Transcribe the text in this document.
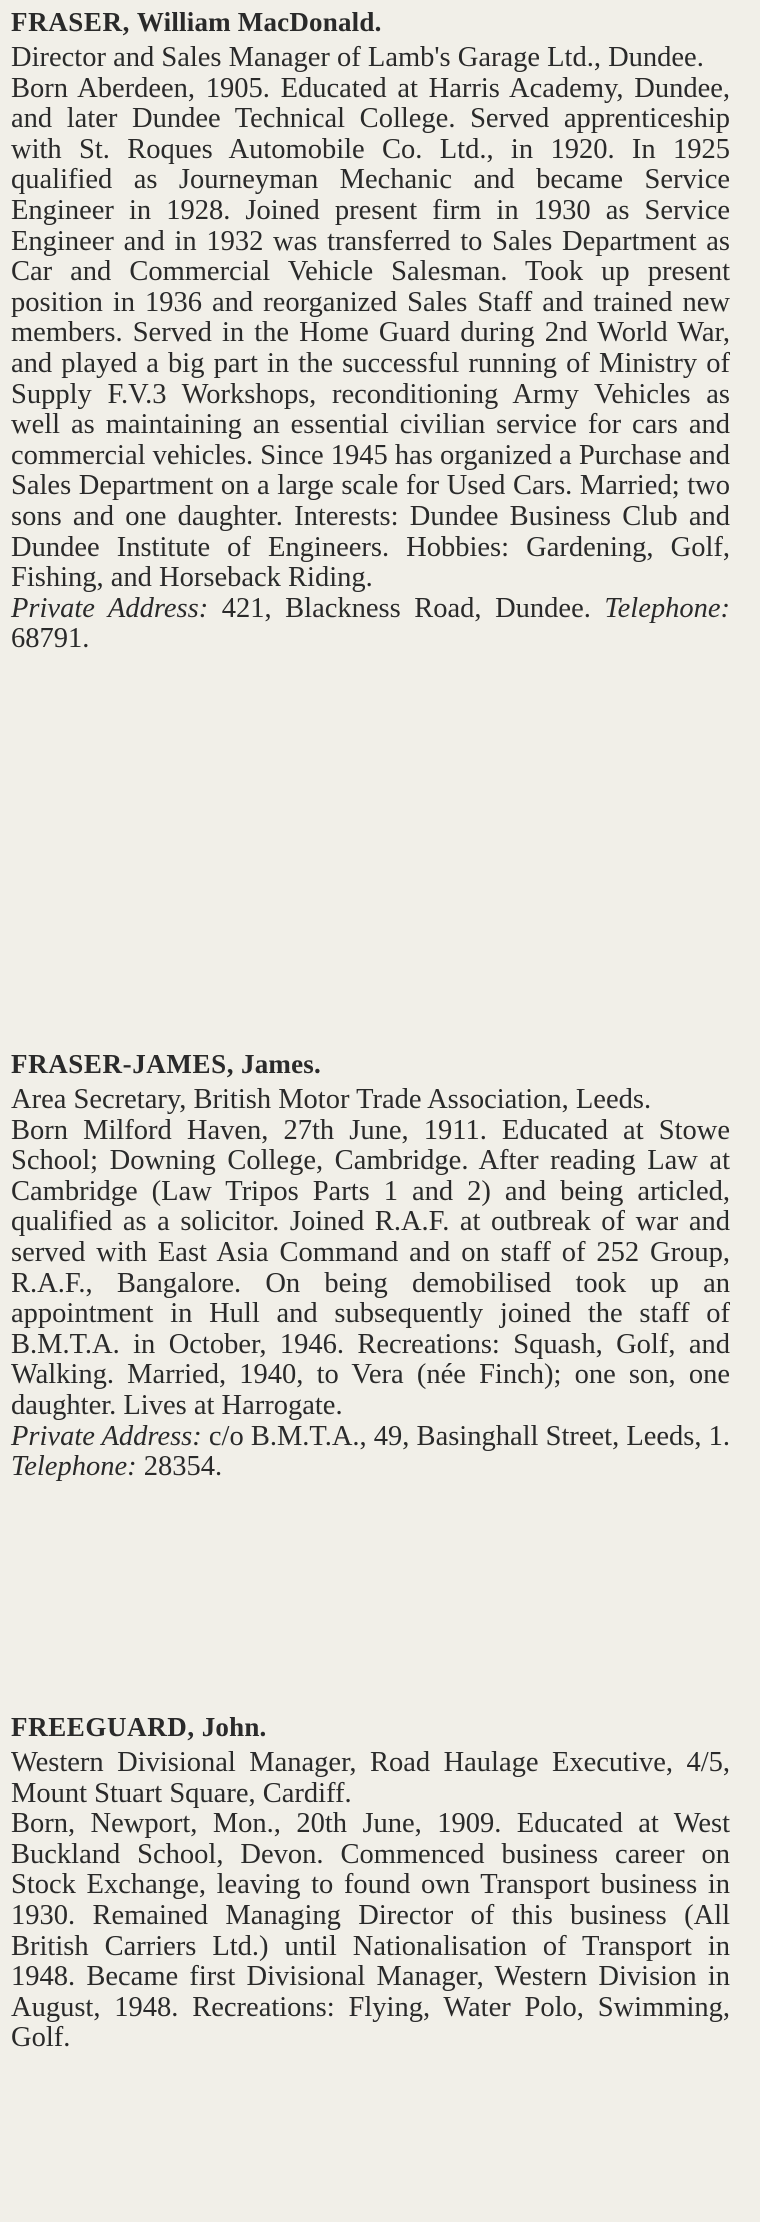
FRASER, William MacDonald.

Director and Sales Manager of Lamb's Garage Ltd., Dundee.

Born Aberdeen, 1905. Educated at Harris Academy, Dundee, and later Dundee Technical College. Served apprenticeship with St. Roques Automobile Co. Ltd., in 1920. In 1925 qualified as Journeyman Mechanic and became Service Engineer in 1928. Joined present firm in 1930 as Service Engineer and in 1932 was transferred to Sales Department as Car and Commercial Vehicle Salesman. Took up present position in 1936 and reorganized Sales Staff and trained new members. Served in the Home Guard during 2nd World War, and played a big part in the successful running of Ministry of Supply F.V.3 Workshops, reconditioning Army Vehicles as well as maintaining an essential civilian service for cars and commercial vehicles. Since 1945 has organized a Purchase and Sales Department on a large scale for Used Cars. Married; two sons and one daughter. Interests: Dundee Business Club and Dundee Institute of Engineers. Hobbies: Gardening, Golf, Fishing, and Horseback Riding.

Private Address: 421, Blackness Road, Dundee. Telephone: 68791.

FRASER-JAMES, James.

Area Secretary, British Motor Trade Association, Leeds.

Born Milford Haven, 27th June, 1911. Educated at Stowe School; Downing College, Cambridge. After reading Law at Cambridge (Law Tripos Parts 1 and 2) and being articled, qualified as a solicitor. Joined R.A.F. at outbreak of war and served with East Asia Command and on staff of 252 Group, R.A.F., Bangalore. On being demobilised took up an appointment in Hull and subsequently joined the staff of B.M.T.A. in October, 1946. Recreations: Squash, Golf, and Walking. Married, 1940, to Vera (née Finch); one son, one daughter. Lives at Harrogate.

Private Address: c/o B.M.T.A., 49, Basinghall Street, Leeds, 1. Telephone: 28354.

FREEGUARD, John.

Western Divisional Manager, Road Haulage Executive, 4/5, Mount Stuart Square, Cardiff.

Born, Newport, Mon., 20th June, 1909. Educated at West Buckland School, Devon. Commenced business career on Stock Exchange, leaving to found own Transport business in 1930. Remained Managing Director of this business (All British Carriers Ltd.) until Nationalisation of Transport in 1948. Became first Divisional Manager, Western Division in August, 1948. Recreations: Flying, Water Polo, Swimming, Golf.
